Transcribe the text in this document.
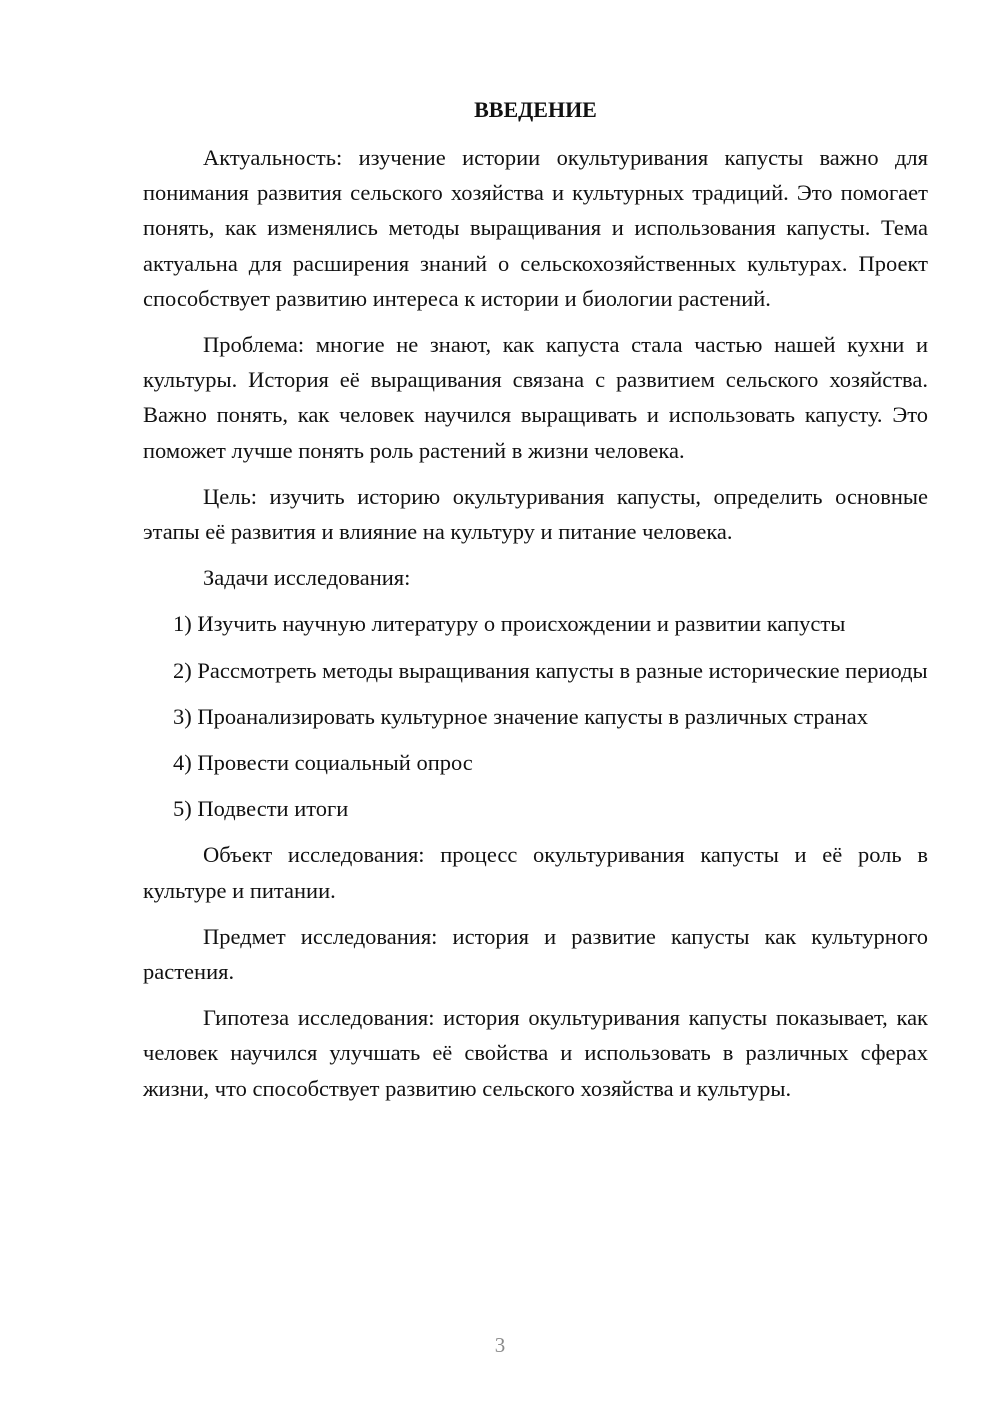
ВВЕДЕНИЕ

Актуальность: изучение истории окультуривания капусты важно для понимания развития сельского хозяйства и культурных традиций. Это помогает понять, как изменялись методы выращивания и использования капусты. Тема актуальна для расширения знаний о сельскохозяйственных культурах. Проект способствует развитию интереса к истории и биологии растений.

Проблема: многие не знают, как капуста стала частью нашей кухни и культуры. История её выращивания связана с развитием сельского хозяйства. Важно понять, как человек научился выращивать и использовать капусту. Это поможет лучше понять роль растений в жизни человека.

Цель: изучить историю окультуривания капусты, определить основные этапы её развития и влияние на культуру и питание человека.

Задачи исследования:

1) Изучить научную литературу о происхождении и развитии капусты

2) Рассмотреть методы выращивания капусты в разные исторические периоды

3) Проанализировать культурное значение капусты в различных странах

4) Провести социальный опрос

5) Подвести итоги

Объект исследования: процесс окультуривания капусты и её роль в культуре и питании.

Предмет исследования: история и развитие капусты как культурного растения.

Гипотеза исследования: история окультуривания капусты показывает, как человек научился улучшать её свойства и использовать в различных сферах жизни, что способствует развитию сельского хозяйства и культуры.

3
